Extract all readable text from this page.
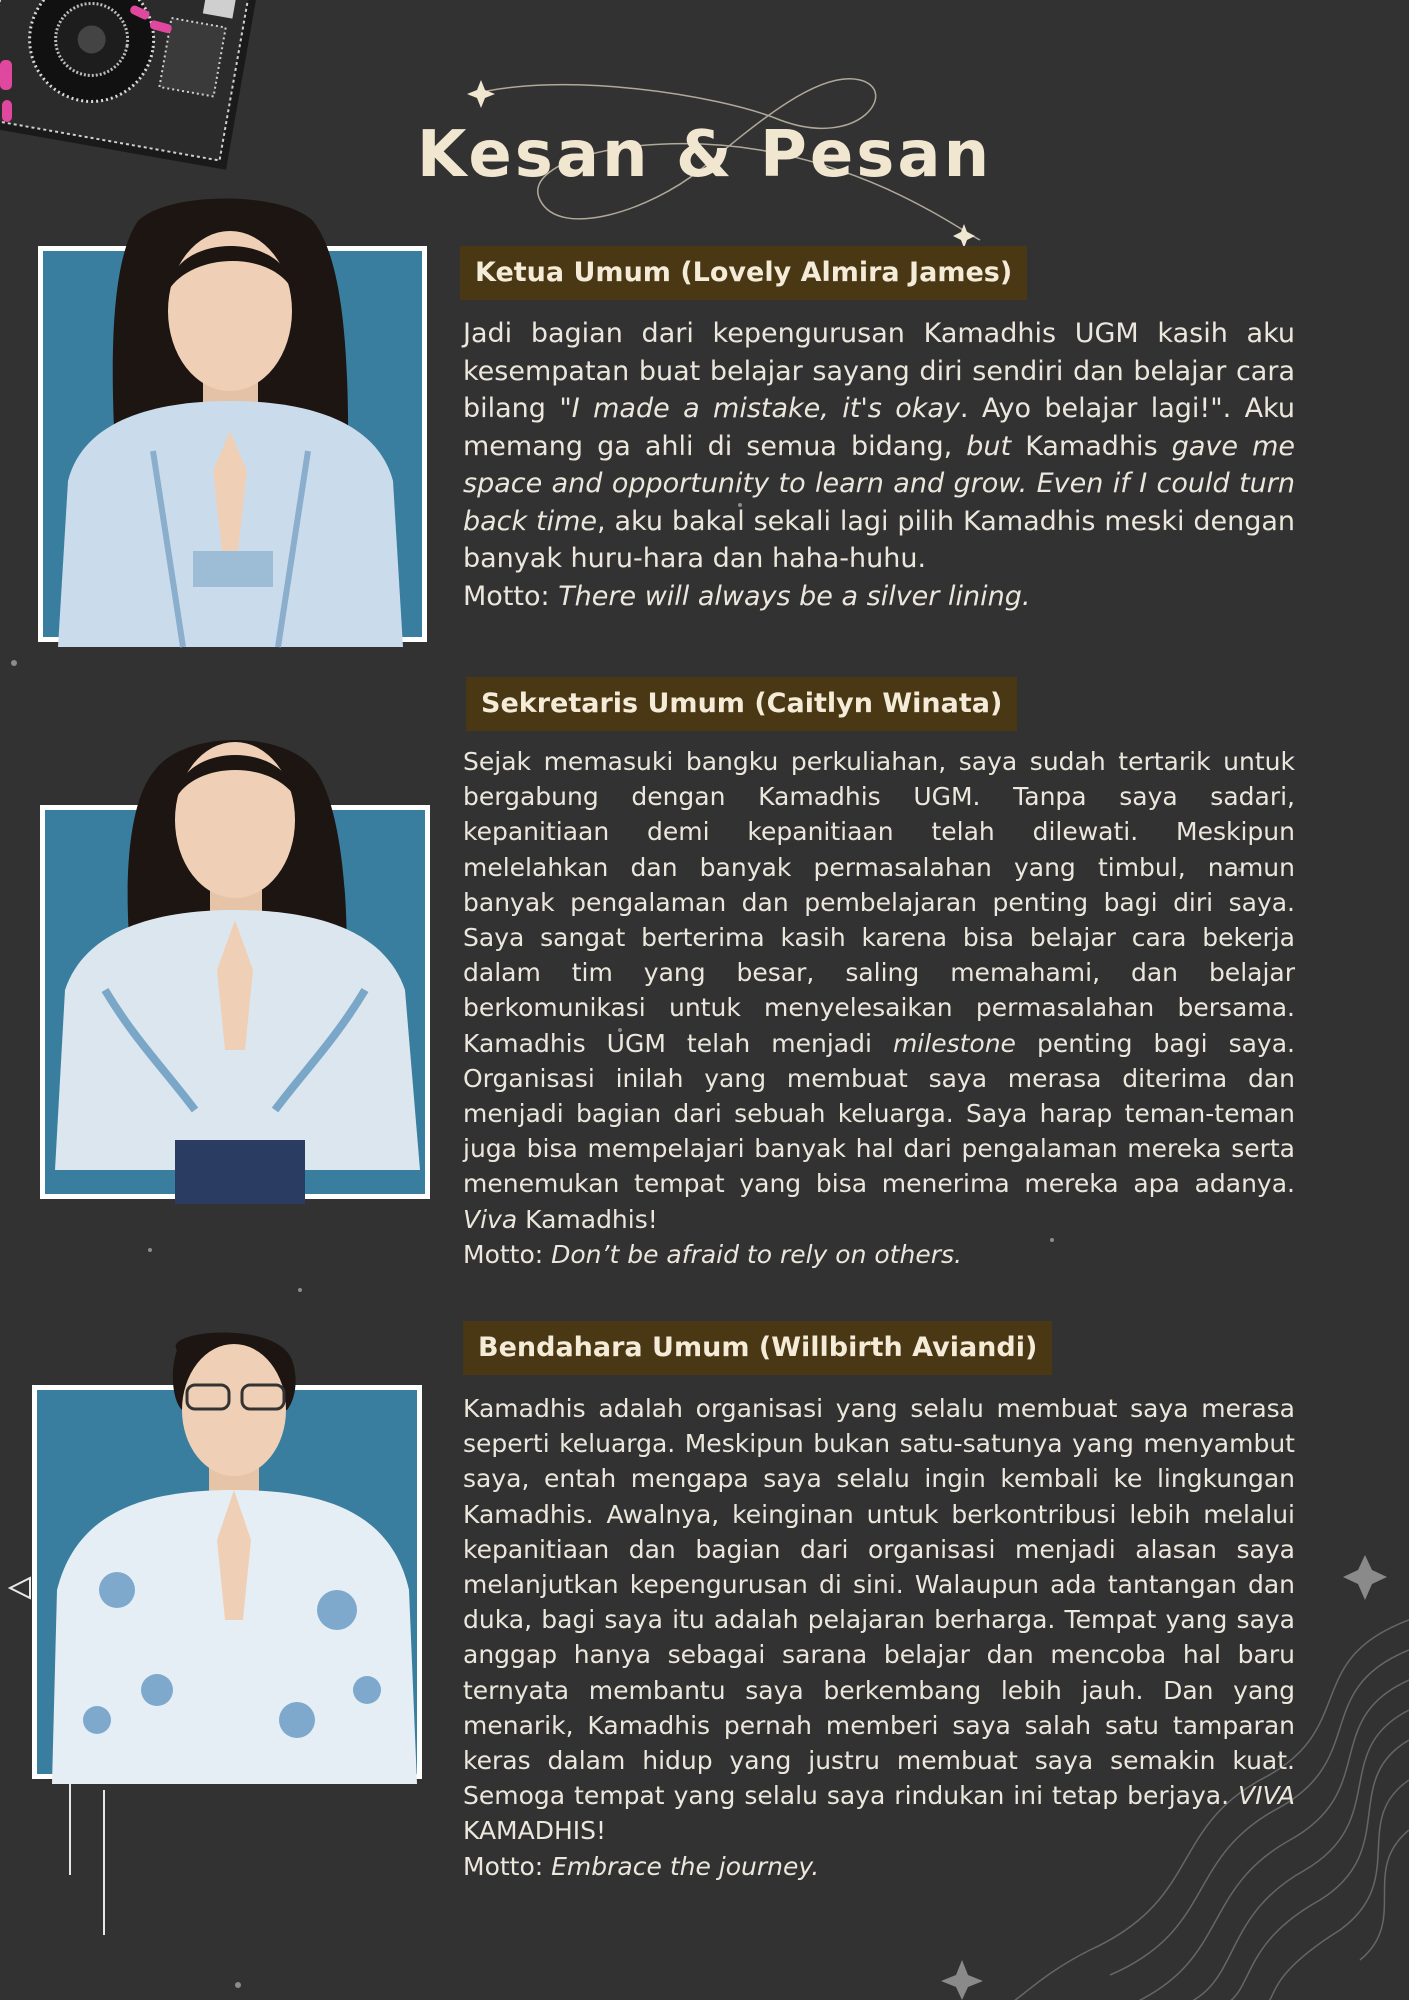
Kesan & Pesan
Ketua Umum (Lovely Almira James)

Jadi bagian dari kepengurusan Kamadhis UGM kasih aku kesempatan buat belajar sayang diri sendiri dan belajar cara bilang "I made a mistake, it's okay. Ayo belajar lagi!". Aku memang ga ahli di semua bidang, but Kamadhis gave me space and opportunity to learn and grow. Even if I could turn back time, aku bakal sekali lagi pilih Kamadhis meski dengan banyak huru-hara dan haha-huhu.

Motto: There will always be a silver lining.
Sekretaris Umum (Caitlyn Winata)

Sejak memasuki bangku perkuliahan, saya sudah tertarik untuk bergabung dengan Kamadhis UGM. Tanpa saya sadari, kepanitiaan demi kepanitiaan telah dilewati. Meskipun melelahkan dan banyak permasalahan yang timbul, namun banyak pengalaman dan pembelajaran penting bagi diri saya. Saya sangat berterima kasih karena bisa belajar cara bekerja dalam tim yang besar, saling memahami, dan belajar berkomunikasi untuk menyelesaikan permasalahan bersama. Kamadhis UGM telah menjadi milestone penting bagi saya. Organisasi inilah yang membuat saya merasa diterima dan menjadi bagian dari sebuah keluarga. Saya harap teman-teman juga bisa mempelajari banyak hal dari pengalaman mereka serta menemukan tempat yang bisa menerima mereka apa adanya. Viva Kamadhis!

Motto: Don’t be afraid to rely on others.
Bendahara Umum (Willbirth Aviandi)

Kamadhis adalah organisasi yang selalu membuat saya merasa seperti keluarga. Meskipun bukan satu-satunya yang menyambut saya, entah mengapa saya selalu ingin kembali ke lingkungan Kamadhis. Awalnya, keinginan untuk berkontribusi lebih melalui kepanitiaan dan bagian dari organisasi menjadi alasan saya melanjutkan kepengurusan di sini. Walaupun ada tantangan dan duka, bagi saya itu adalah pelajaran berharga. Tempat yang saya anggap hanya sebagai sarana belajar dan mencoba hal baru ternyata membantu saya berkembang lebih jauh. Dan yang menarik, Kamadhis pernah memberi saya salah satu tamparan keras dalam hidup yang justru membuat saya semakin kuat. Semoga tempat yang selalu saya rindukan ini tetap berjaya. VIVA KAMADHIS!

Motto: Embrace the journey.
